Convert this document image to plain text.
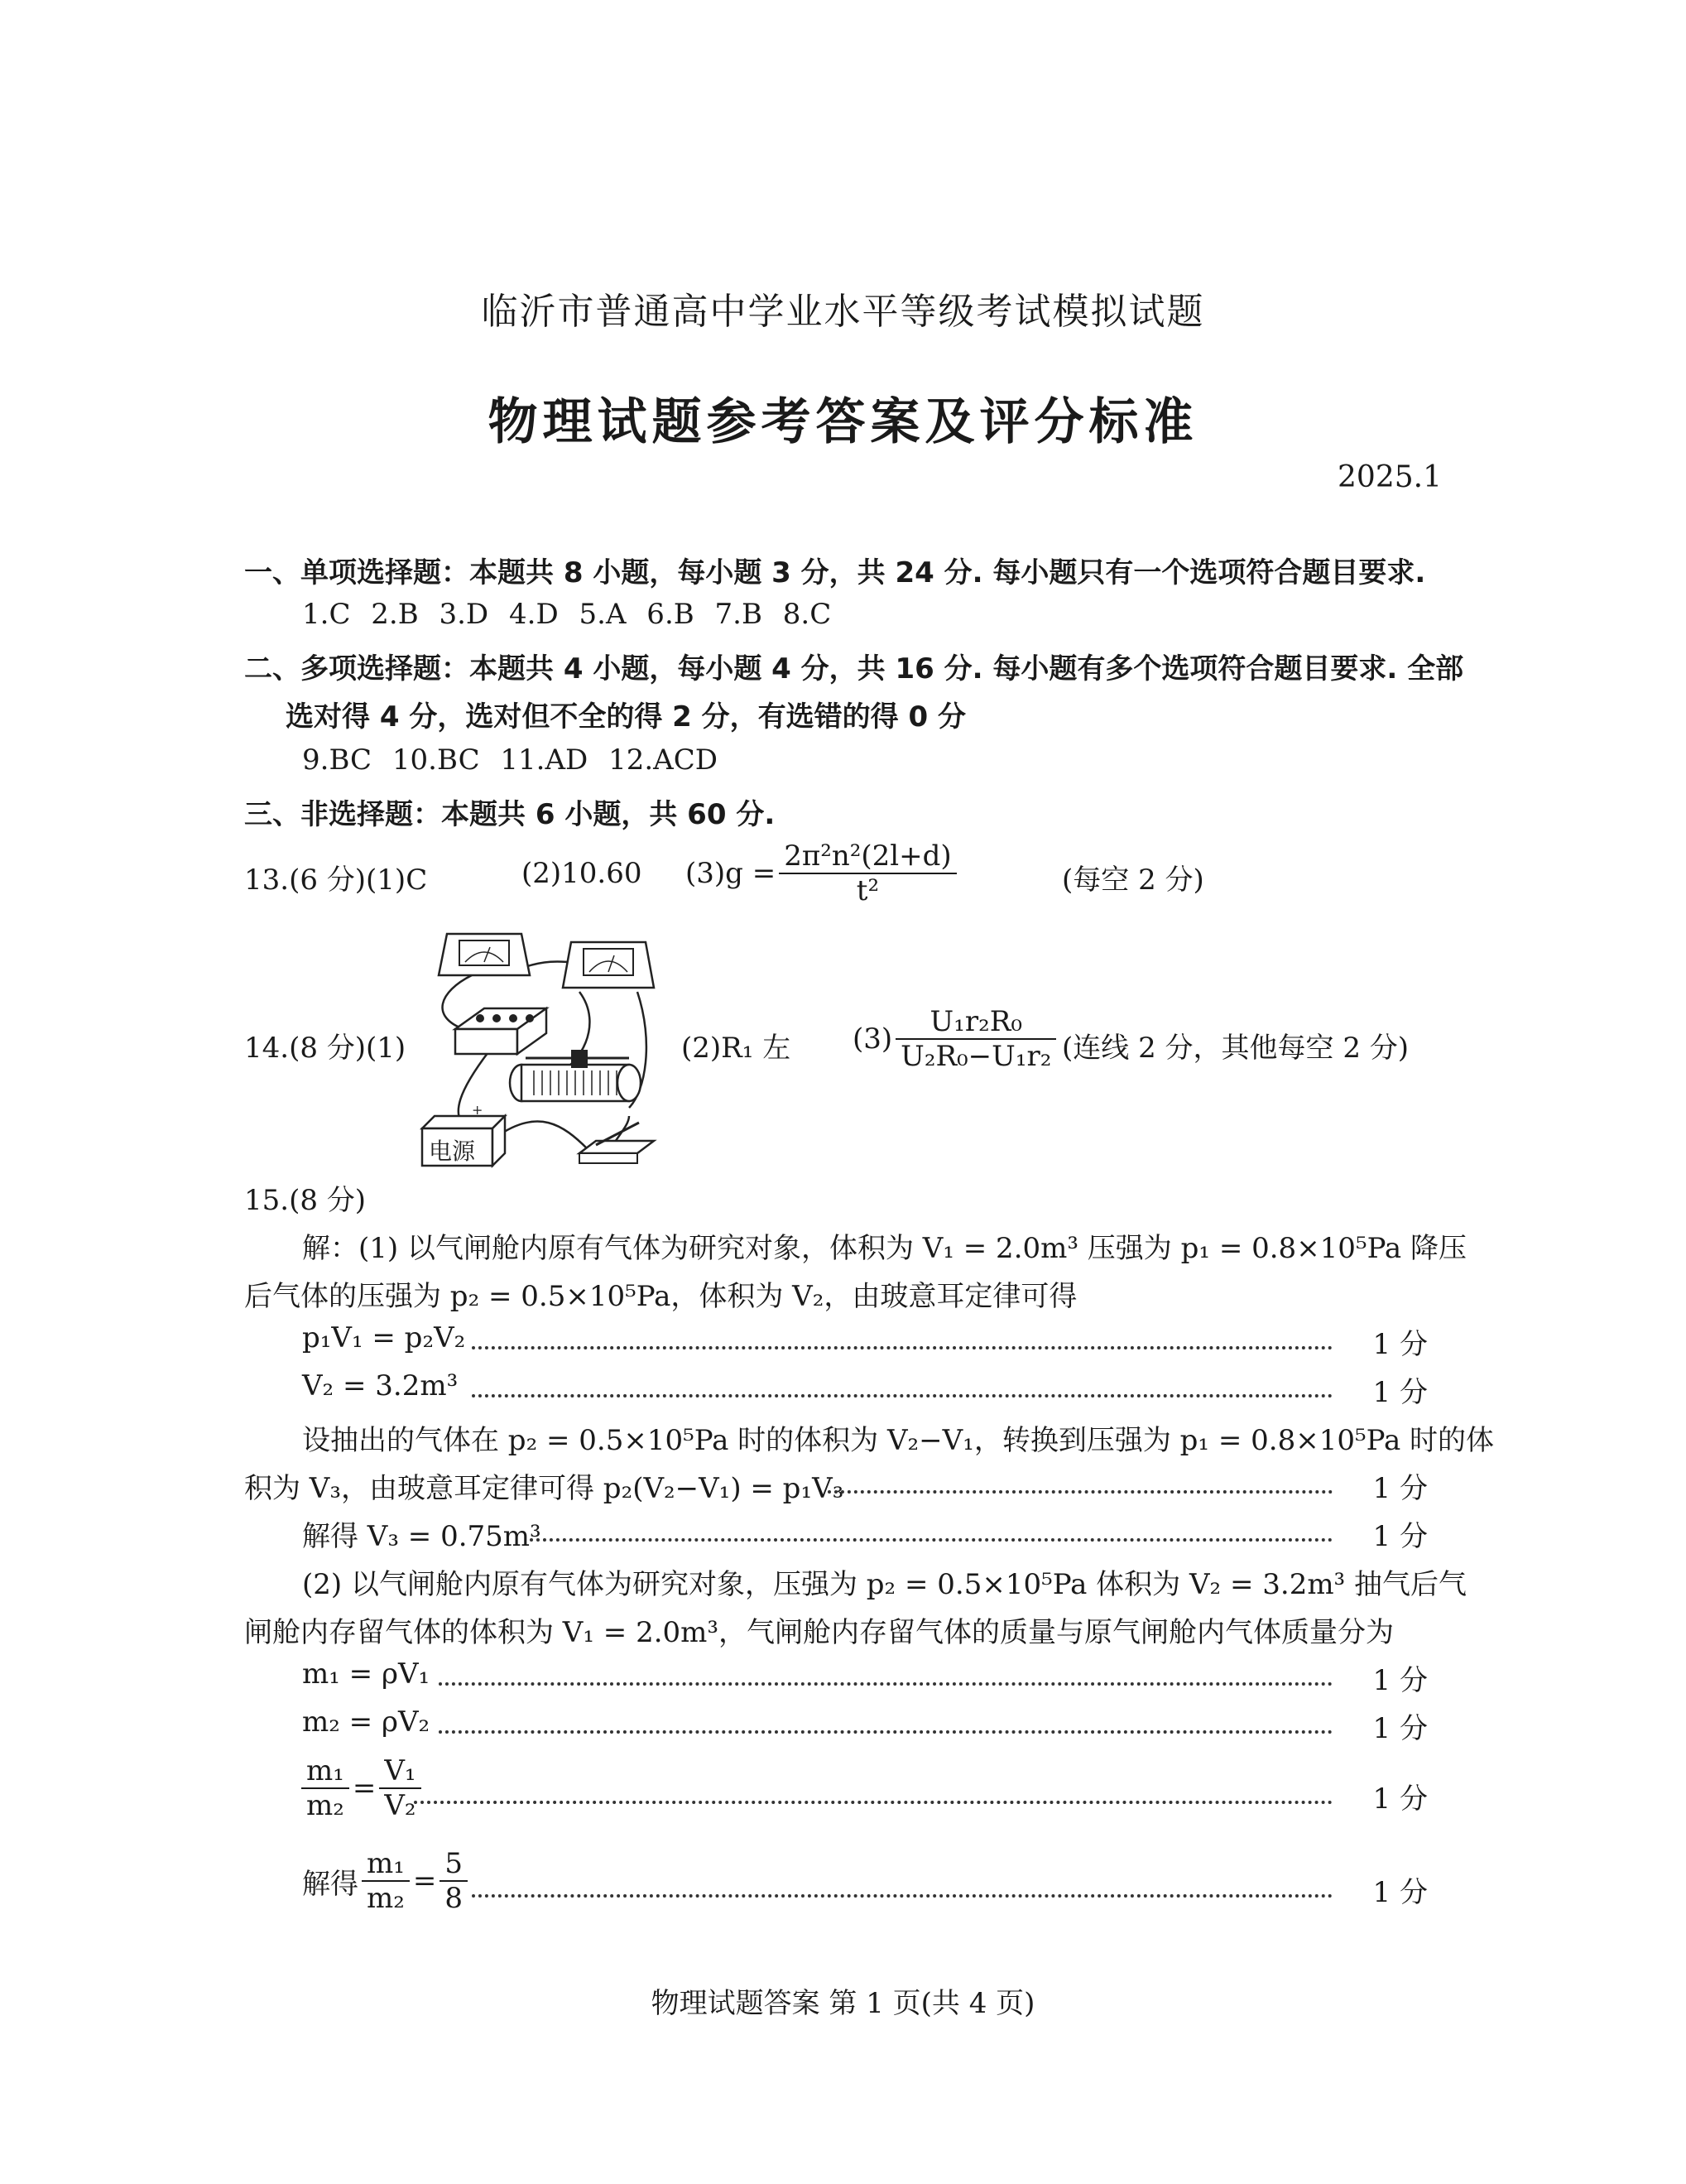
临沂市普通高中学业水平等级考试模拟试题
物理试题参考答案及评分标准
2025.1
一、单项选择题：本题共 8 小题，每小题 3 分，共 24 分. 每小题只有一个选项符合题目要求.
1.C 2.B 3.D 4.D 5.A 6.B 7.B 8.C
二、多项选择题：本题共 4 小题，每小题 4 分，共 16 分. 每小题有多个选项符合题目要求. 全部
选对得 4 分，选对但不全的得 2 分，有选错的得 0 分
9.BC 10.BC 11.AD 12.ACD
三、非选择题：本题共 6 小题，共 60 分.
13.(6 分)(1)C	(2)10.60 $(3)g = \frac{\text{2π²n²(2l+d)}}{\text{t²}}$	(每空 2 分)
14.(8 分)(1)
电源
+
(2)R₁ 左 $(3) \frac{\text{U₁r₂R₀}}{\text{U₂R₀−U₁r₂}}$ (连线 2 分，其他每空 2 分)
15.(8 分)
解：(1) 以气闸舱内原有气体为研究对象，体积为 V₁ = 2.0m³ 压强为 p₁ = 0.8×10⁵Pa 降压
后气体的压强为 p₂ = 0.5×10⁵Pa，体积为 V₂，由玻意耳定律可得
p₁V₁ = p₂V₂	1 分
V₂ = 3.2m³	1 分
设抽出的气体在 p₂ = 0.5×10⁵Pa 时的体积为 V₂−V₁，转换到压强为 p₁ = 0.8×10⁵Pa 时的体
积为 V₃，由玻意耳定律可得 p₂(V₂−V₁) = p₁V₃	1 分
解得 V₃ = 0.75m³	1 分
(2) 以气闸舱内原有气体为研究对象，压强为 p₂ = 0.5×10⁵Pa 体积为 V₂ = 3.2m³ 抽气后气
闸舱内存留气体的体积为 V₁ = 2.0m³，气闸舱内存留气体的质量与原气闸舱内气体质量分为
m₁ = ρV₁	1 分
m₂ = ρV₂	1 分
$\frac{\text{m₁}}{\text{m₂}} = \frac{\text{V₁}}{\text{V₂}}$	1 分
解得 $\frac{\text{m₁}}{\text{m₂}} = \frac{5}{8}$	1 分
物理试题答案 第 1 页(共 4 页)
